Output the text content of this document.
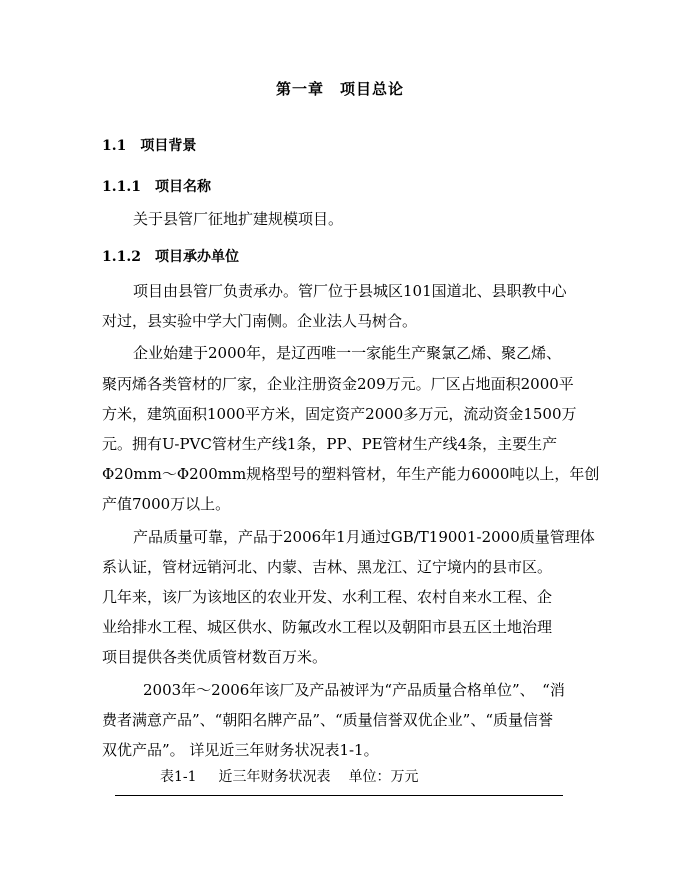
第一章　项目总论
1.1 项目背景
1.1.1 项目名称
关于县管厂征地扩建规模项目。
1.1.2 项目承办单位
项目由县管厂负责承办。管厂位于县城区101国道北、县职教中心
对过，县实验中学大门南侧。企业法人马树合。
企业始建于2000年，是辽西唯一一家能生产聚氯乙烯、聚乙烯、
聚丙烯各类管材的厂家，企业注册资金209万元。厂区占地面积2000平
方米，建筑面积1000平方米，固定资产2000多万元，流动资金1500万
元。拥有U-PVC管材生产线1条，PP、PE管材生产线4条，主要生产
Φ20mm～Φ200mm规格型号的塑料管材，年生产能力6000吨以上，年创
产值7000万以上。
产品质量可靠，产品于2006年1月通过GB/T19001-2000质量管理体
系认证，管材远销河北、内蒙、吉林、黑龙江、辽宁境内的县市区。
几年来，该厂为该地区的农业开发、水利工程、农村自来水工程、企
业给排水工程、城区供水、防氟改水工程以及朝阳市县五区土地治理
项目提供各类优质管材数百万米。
2003年～2006年该厂及产品被评为“产品质量合格单位”、　“消
费者满意产品”、“朝阳名牌产品”、“质量信誉双优企业”、“质量信誉
双优产品”。 详见近三年财务状况表1-1。
表1-1 近三年财务状况表 单位：万元
